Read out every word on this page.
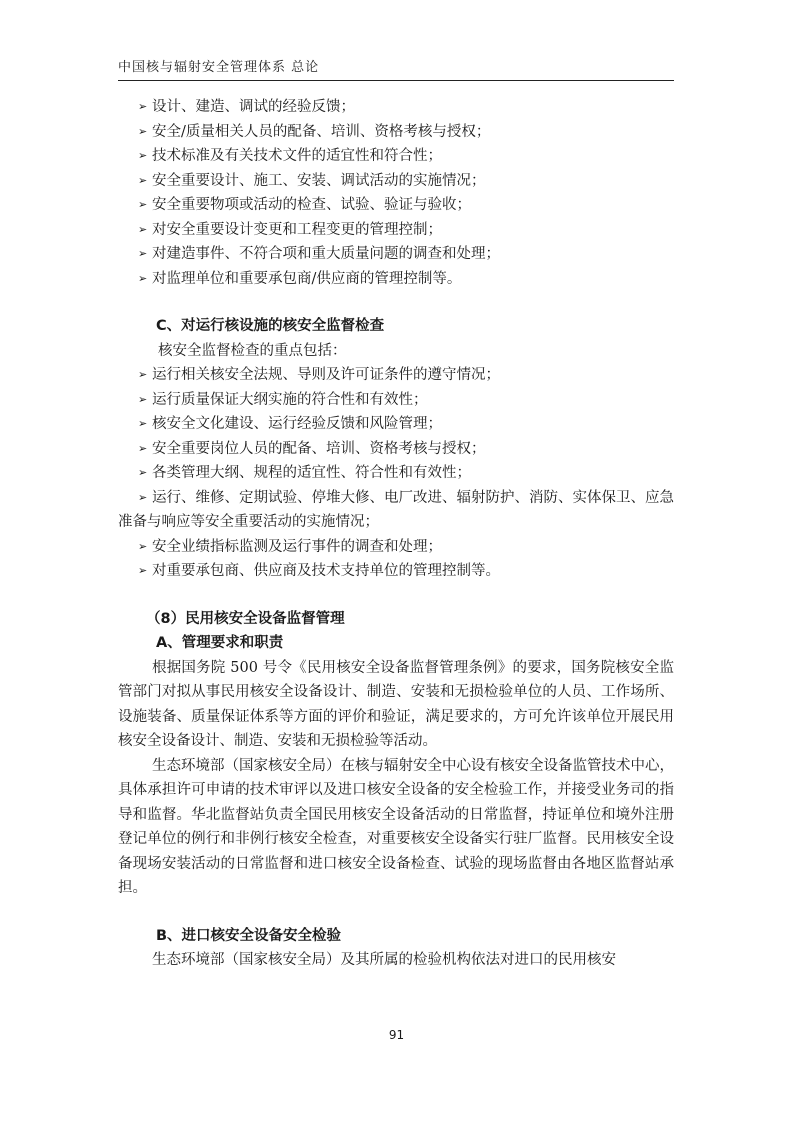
中国核与辐射安全管理体系 总论
➢ 设计、建造、调试的经验反馈；
➢ 安全/质量相关人员的配备、培训、资格考核与授权；
➢ 技术标准及有关技术文件的适宜性和符合性；
➢ 安全重要设计、施工、安装、调试活动的实施情况；
➢ 安全重要物项或活动的检查、试验、验证与验收；
➢ 对安全重要设计变更和工程变更的管理控制；
➢ 对建造事件、不符合项和重大质量问题的调查和处理；
➢ 对监理单位和重要承包商/供应商的管理控制等。
C、对运行核设施的核安全监督检查
核安全监督检查的重点包括：
➢ 运行相关核安全法规、导则及许可证条件的遵守情况；
➢ 运行质量保证大纲实施的符合性和有效性；
➢ 核安全文化建设、运行经验反馈和风险管理；
➢ 安全重要岗位人员的配备、培训、资格考核与授权；
➢ 各类管理大纲、规程的适宜性、符合性和有效性；
➢ 运行、维修、定期试验、停堆大修、电厂改进、辐射防护、消防、实体保卫、应急准备与响应等安全重要活动的实施情况；
➢ 安全业绩指标监测及运行事件的调查和处理；
➢ 对重要承包商、供应商及技术支持单位的管理控制等。
（8）民用核安全设备监督管理
A、管理要求和职责
根据国务院 500 号令《民用核安全设备监督管理条例》的要求，国务院核安全监管部门对拟从事民用核安全设备设计、制造、安装和无损检验单位的人员、工作场所、设施装备、质量保证体系等方面的评价和验证，满足要求的，方可允许该单位开展民用核安全设备设计、制造、安装和无损检验等活动。
生态环境部（国家核安全局）在核与辐射安全中心设有核安全设备监管技术中心，具体承担许可申请的技术审评以及进口核安全设备的安全检验工作，并接受业务司的指导和监督。华北监督站负责全国民用核安全设备活动的日常监督，持证单位和境外注册登记单位的例行和非例行核安全检查，对重要核安全设备实行驻厂监督。民用核安全设备现场安装活动的日常监督和进口核安全设备检查、试验的现场监督由各地区监督站承担。
B、进口核安全设备安全检验
生态环境部（国家核安全局）及其所属的检验机构依法对进口的民用核安
91
